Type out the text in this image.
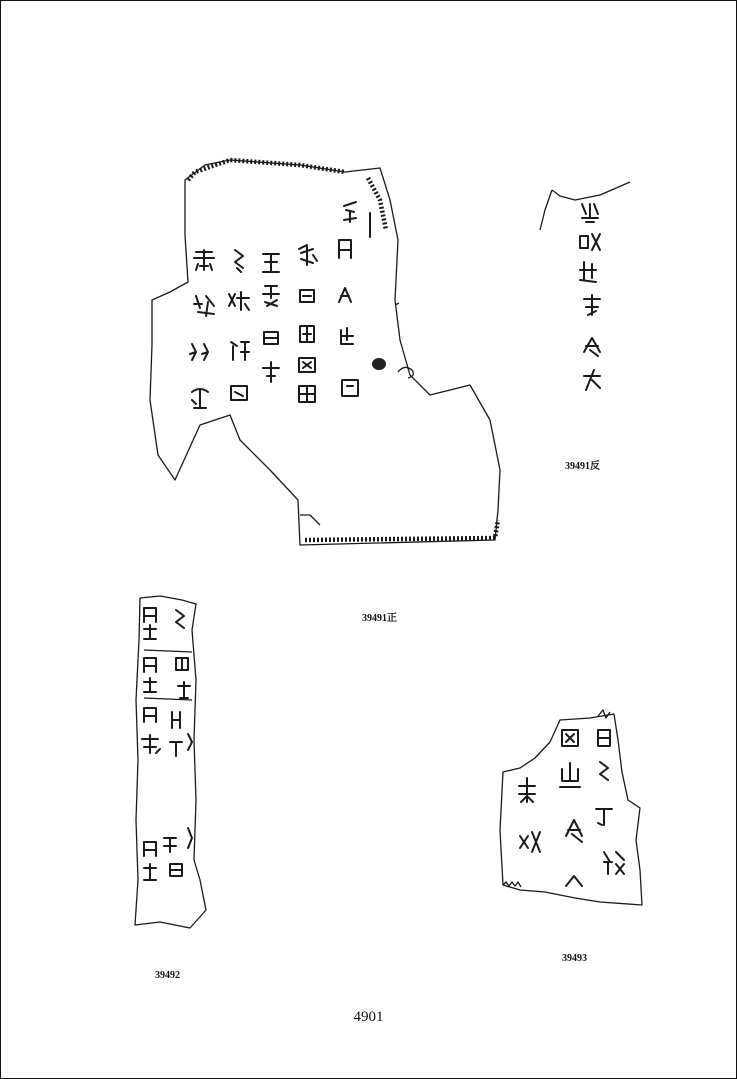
39491正
39491反
39492
39493
4901
